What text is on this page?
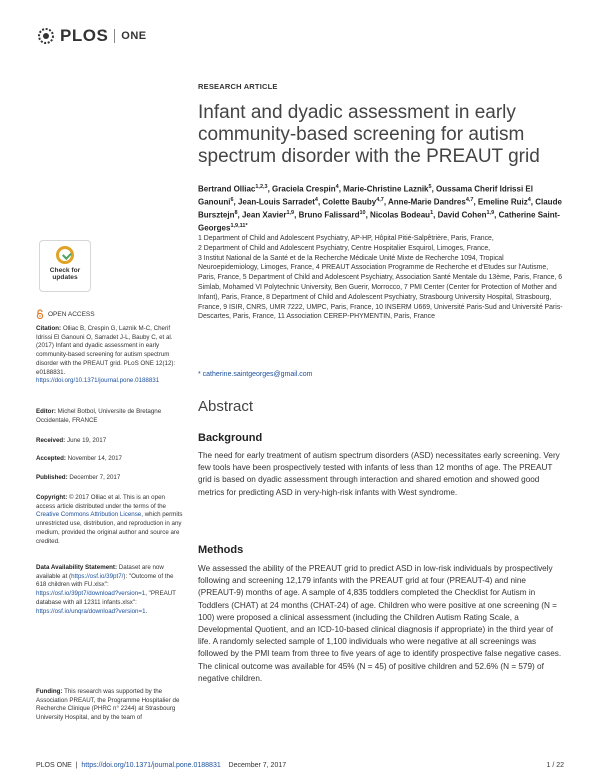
PLOS ONE
RESEARCH ARTICLE
Infant and dyadic assessment in early community-based screening for autism spectrum disorder with the PREAUT grid
Bertrand Olliac$^{1,2,3}$, Graciela Crespin$^4$, Marie-Christine Laznik$^5$, Oussama Cherif Idrissi El Ganouni$^6$, Jean-Louis Sarradet$^4$, Colette Bauby$^{4,7}$, Anne-Marie Dandres$^{4,7}$, Emeline Ruiz$^4$, Claude Bursztejn$^8$, Jean Xavier$^{1,9}$, Bruno Falissard$^{10}$, Nicolas Bodeau$^1$, David Cohen$^{1,9}$, Catherine Saint-Georges$^{1,9,11*}$
1 Department of Child and Adolescent Psychiatry, AP-HP, Hôpital Pitié-Salpêtrière, Paris, France,
2 Department of Child and Adolescent Psychiatry, Centre Hospitalier Esquirol, Limoges, France,
3 Institut National de la Santé et de la Recherche Médicale Unité Mixte de Recherche 1094, Tropical Neuroepidemiology, Limoges, France, 4 PREAUT Association Programme de Recherche et d'Etudes sur l'Autisme, Paris, France, 5 Department of Child and Adolescent Psychiatry, Association Santé Mentale du 13ème, Paris, France, 6 Simlab, Mohamed VI Polytechnic University, Ben Guerir, Morrocco, 7 PMI Center (Center for Protection of Mother and Infant), Paris, France, 8 Department of Child and Adolescent Psychiatry, Strasbourg University Hospital, Strasbourg, France, 9 ISIR, CNRS, UMR 7222, UMPC, Paris, France, 10 INSERM U669, Université Paris-Sud and Université Paris-Descartes, Paris, France, 11 Association CEREP-PHYMENTIN, Paris, France
* catherine.saintgeorges@gmail.com
Abstract
Background

The need for early treatment of autism spectrum disorders (ASD) necessitates early screening. Very few tools have been prospectively tested with infants of less than 12 months of age. The PREAUT grid is based on dyadic assessment through interaction and shared emotion and showed good metrics for predicting ASD in very-high-risk infants with West syndrome.

Methods

We assessed the ability of the PREAUT grid to predict ASD in low-risk individuals by prospectively following and screening 12,179 infants with the PREAUT grid at four (PREAUT-4) and nine (PREAUT-9) months of age. A sample of 4,835 toddlers completed the Checklist for Autism in Toddlers (CHAT) at 24 months (CHAT-24) of age. Children who were positive at one screening (N = 100) were proposed a clinical assessment (including the Children Autism Rating Scale, a Developmental Quotient, and an ICD-10-based clinical diagnosis if appropriate) in the third year of life. A randomly selected sample of 1,100 individuals who were negative at all screenings was followed by the PMI team from three to five years of age to identify prospective false negative cases. The clinical outcome was available for 45% (N = 45) of positive children and 52.6% (N = 579) of negative children.

Check for updates
OPEN ACCESS
Citation: Olliac B, Crespin G, Laznik M-C, Cherif Idrissi El Ganouni O, Sarradet J-L, Bauby C, et al. (2017) Infant and dyadic assessment in early community-based screening for autism spectrum disorder with the PREAUT grid. PLoS ONE 12(12): e0188831. https://doi.org/10.1371/journal.pone.0188831
Editor: Michel Botbol, Universite de Bretagne Occidentale, FRANCE
Received: June 19, 2017
Accepted: November 14, 2017
Published: December 7, 2017
Copyright: © 2017 Olliac et al. This is an open access article distributed under the terms of the Creative Commons Attribution License, which permits unrestricted use, distribution, and reproduction in any medium, provided the original author and source are credited.
Data Availability Statement: Dataset are now available at (https://osf.io/39pt7/): "Outcome of the 618 children with FU.xlsx": https://osf.io/39pt7/download?version=1, "PREAUT database with all 12311 infants.xlsx": https://osf.io/unqra/download?version=1.
Funding: This research was supported by the Association PREAUT, the Programme Hospitalier de Recherche Clinique (PHRC n° 2244) at Strasbourg University Hospital, and by the team of
PLOS ONE  |  https://doi.org/10.1371/journal.pone.0188831 December 7, 2017	1 / 22
